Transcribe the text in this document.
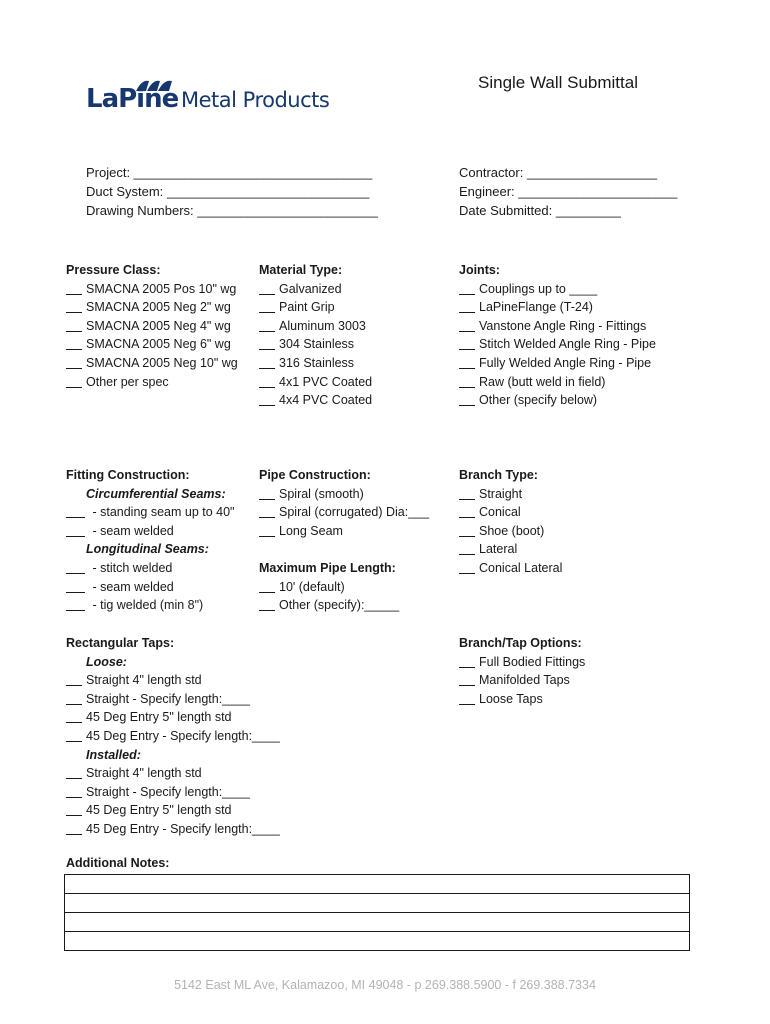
LaPine Metal Products
Single Wall Submittal
Project: _________________________________
Duct System: ____________________________
Drawing Numbers: _________________________
Contractor: __________________
Engineer: ______________________
Date Submitted: _________
Pressure Class:
SMACNA 2005 Pos 10" wg
SMACNA 2005 Neg 2" wg
SMACNA 2005 Neg 4" wg
SMACNA 2005 Neg 6" wg
SMACNA 2005 Neg 10" wg
Other per spec
Material Type:
Galvanized
Paint Grip
Aluminum 3003
304 Stainless
316 Stainless
4x1 PVC Coated
4x4 PVC Coated
Joints:
Couplings up to ____
LaPineFlange (T-24)
Vanstone Angle Ring - Fittings
Stitch Welded Angle Ring - Pipe
Fully Welded Angle Ring - Pipe
Raw (butt weld in field)
Other (specify below)
Fitting Construction:
Circumferential Seams:
- standing seam up to 40"
- seam welded
Longitudinal Seams:
- stitch welded
- seam welded
- tig welded (min 8")
Pipe Construction:
Spiral (smooth)
Spiral (corrugated) Dia:___
Long Seam
Maximum Pipe Length:
10' (default)
Other (specify):_____
Branch Type:
Straight
Conical
Shoe (boot)
Lateral
Conical Lateral
Rectangular Taps:
Loose:
Straight 4" length std
Straight - Specify length:____
45 Deg Entry 5" length std
45 Deg Entry - Specify length:____
Installed:
Straight 4" length std
Straight - Specify length:____
45 Deg Entry 5" length std
45 Deg Entry - Specify length:____
Branch/Tap Options:
Full Bodied Fittings
Manifolded Taps
Loose Taps
Additional Notes:
5142 East ML Ave, Kalamazoo, MI 49048 - p 269.388.5900 - f 269.388.7334
